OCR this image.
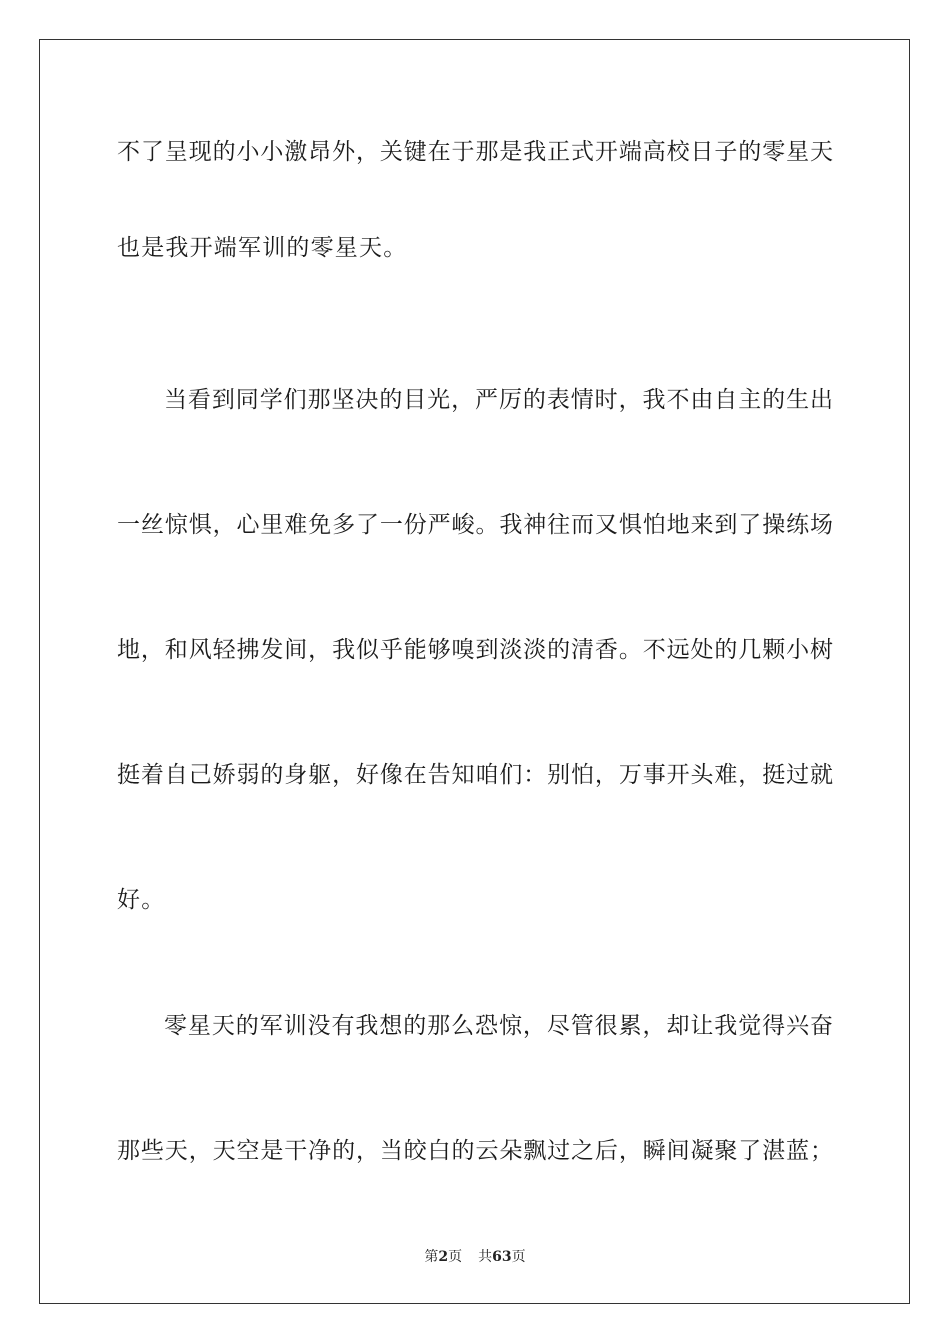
不了呈现的小小激昂外，关键在于那是我正式开端高校日子的零星天
也是我开端军训的零星天。
当看到同学们那坚决的目光，严厉的表情时，我不由自主的生出
一丝惊惧，心里难免多了一份严峻。我神往而又惧怕地来到了操练场
地，和风轻拂发间，我似乎能够嗅到淡淡的清香。不远处的几颗小树
挺着自己娇弱的身躯，好像在告知咱们：别怕，万事开头难，挺过就
好。
零星天的军训没有我想的那么恐惊，尽管很累，却让我觉得兴奋
那些天，天空是干净的，当皎白的云朵飘过之后，瞬间凝聚了湛蓝；
第2页 共63页
